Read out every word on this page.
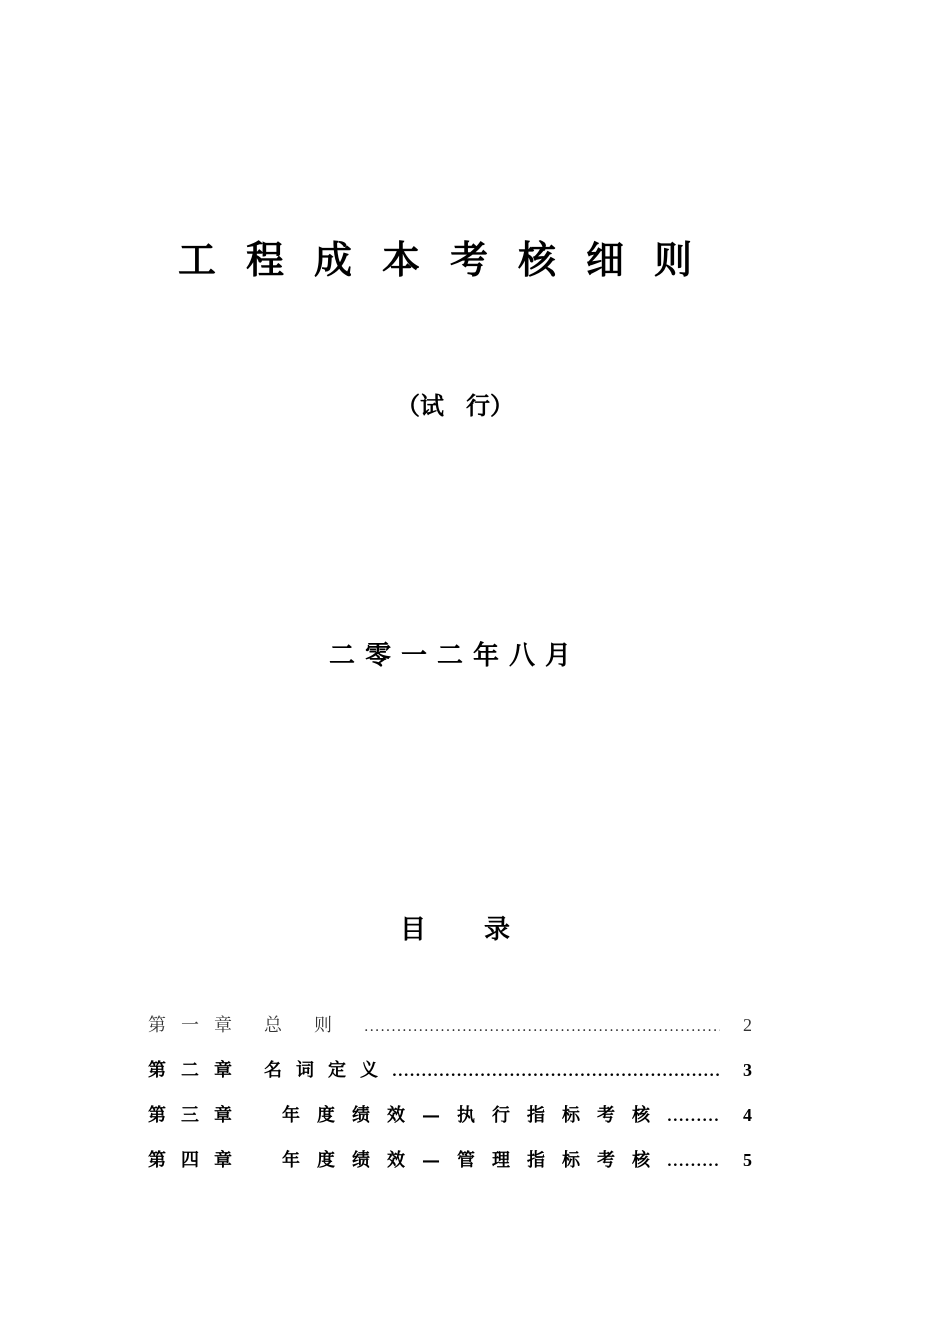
工程成本考核细则
（试 行）
二零一二年八月
目 录
第一章 总则 .....	2
第二章 名词定义 .....	3
第三章	年度绩效—执行指标考核 .....	4
第四章	年度绩效—管理指标考核 .....	5
